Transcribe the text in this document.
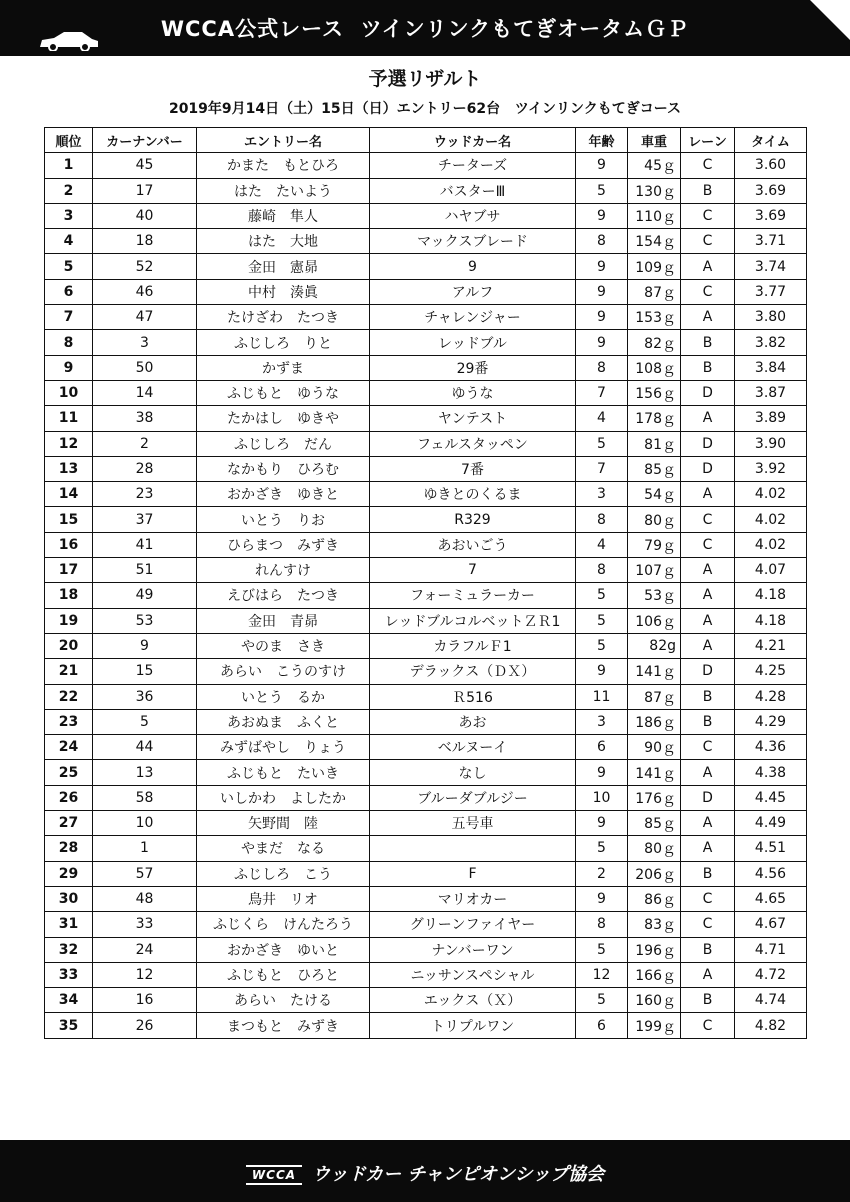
WCCA公式レース  ツインリンクもてぎオータムＧＰ
予選リザルト
2019年9月14日（土）15日（日）エントリー62台   ツインリンクもてぎコース
順位	カーナンバー	エントリー名	ウッドカー名	年齢	車重	レーン	タイム
1	45	かまた　もとひろ	チーターズ	9	45ｇ	C	3.60
2	17	はた　たいよう	バスターⅢ	5	130ｇ	B	3.69
3	40	藤崎　隼人	ハヤブサ	9	110ｇ	C	3.69
4	18	はた　大地	マックスブレード	8	154ｇ	C	3.71
5	52	金田　憲昴	9	9	109ｇ	A	3.74
6	46	中村　湊眞	アルフ	9	87ｇ	C	3.77
7	47	たけざわ　たつき	チャレンジャー	9	153ｇ	A	3.80
8	3	ふじしろ　りと	レッドブル	9	82ｇ	B	3.82
9	50	かずま	29番	8	108ｇ	B	3.84
10	14	ふじもと　ゆうな	ゆうな	7	156ｇ	D	3.87
11	38	たかはし　ゆきや	ヤンテスト	4	178ｇ	A	3.89
12	2	ふじしろ　だん	フェルスタッペン	5	81ｇ	D	3.90
13	28	なかもり　ひろむ	7番	7	85ｇ	D	3.92
14	23	おかざき　ゆきと	ゆきとのくるま	3	54ｇ	A	4.02
15	37	いとう　りお	R329	8	80ｇ	C	4.02
16	41	ひらまつ　みずき	あおいごう	4	79ｇ	C	4.02
17	51	れんすけ	7	8	107ｇ	A	4.07
18	49	えびはら　たつき	フォーミュラーカー	5	53ｇ	A	4.18
19	53	金田　青昴	レッドブルコルベットＺＲ1	5	106ｇ	A	4.18
20	9	やのま　さき	カラフルＦ1	5	82g	A	4.21
21	15	あらい　こうのすけ	デラックス（ＤＸ）	9	141ｇ	D	4.25
22	36	いとう　るか	Ｒ516	11	87ｇ	B	4.28
23	5	あおぬま　ふくと	あお	3	186ｇ	B	4.29
24	44	みずばやし　りょう	ベルヌーイ	6	90ｇ	C	4.36
25	13	ふじもと　たいき	なし	9	141ｇ	A	4.38
26	58	いしかわ　よしたか	ブルーダブルジー	10	176ｇ	D	4.45
27	10	矢野間　陸	五号車	9	85ｇ	A	4.49
28	1	やまだ　なる		5	80ｇ	A	4.51
29	57	ふじしろ　こう	F	2	206ｇ	B	4.56
30	48	鳥井　リオ	マリオカー	9	86ｇ	C	4.65
31	33	ふじくら　けんたろう	グリーンファイヤー	8	83ｇ	C	4.67
32	24	おかざき　ゆいと	ナンバーワン	5	196ｇ	B	4.71
33	12	ふじもと　ひろと	ニッサンスペシャル	12	166ｇ	A	4.72
34	16	あらい　たける	エックス（Ｘ）	5	160ｇ	B	4.74
35	26	まつもと　みずき	トリプルワン	6	199ｇ	C	4.82
WCCA ウッドカー チャンピオンシップ協会
